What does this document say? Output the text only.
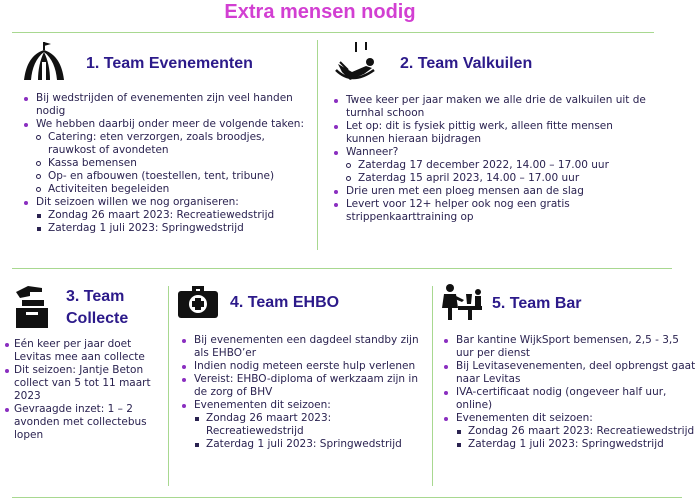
Extra mensen nodig
1. Team Evenementen
Bij wedstrijden of evenementen zijn veel handen nodig
We hebben daarbij onder meer de volgende taken:
Catering: eten verzorgen, zoals broodjes, rauwkost of avondeten
Kassa bemensen
Op- en afbouwen (toestellen, tent, tribune)
Activiteiten begeleiden
Dit seizoen willen we nog organiseren:
Zondag 26 maart 2023: Recreatiewedstrijd
Zaterdag 1 juli 2023: Springwedstrijd
2. Team Valkuilen
Twee keer per jaar maken we alle drie de valkuilen uit de turnhal schoon
Let op: dit is fysiek pittig werk, alleen fitte mensen kunnen hieraan bijdragen
Wanneer?
Zaterdag 17 december 2022, 14.00 – 17.00 uur
Zaterdag 15 april 2023, 14.00 – 17.00 uur
Drie uren met een ploeg mensen aan de slag
Levert voor 12+ helper ook nog een gratis strippenkaarttraining op
3. Team Collecte
Eén keer per jaar doet Levitas mee aan collecte
Dit seizoen: Jantje Beton collect van 5 tot 11 maart 2023
Gevraagde inzet: 1 – 2 avonden met collectebus lopen
4. Team EHBO
Bij evenementen een dagdeel standby zijn als EHBO’er
Indien nodig meteen eerste hulp verlenen
Vereist: EHBO-diploma of werkzaam zijn in de zorg of BHV
Evenementen dit seizoen:
Zondag 26 maart 2023: Recreatiewedstrijd
Zaterdag 1 juli 2023: Springwedstrijd
5. Team Bar
Bar kantine WijkSport bemensen, 2,5 - 3,5 uur per dienst
Bij Levitasevenementen, deel opbrengst gaat naar Levitas
IVA-certificaat nodig (ongeveer half uur, online)
Evenementen dit seizoen:
Zondag 26 maart 2023: Recreatiewedstrijd
Zaterdag 1 juli 2023: Springwedstrijd
